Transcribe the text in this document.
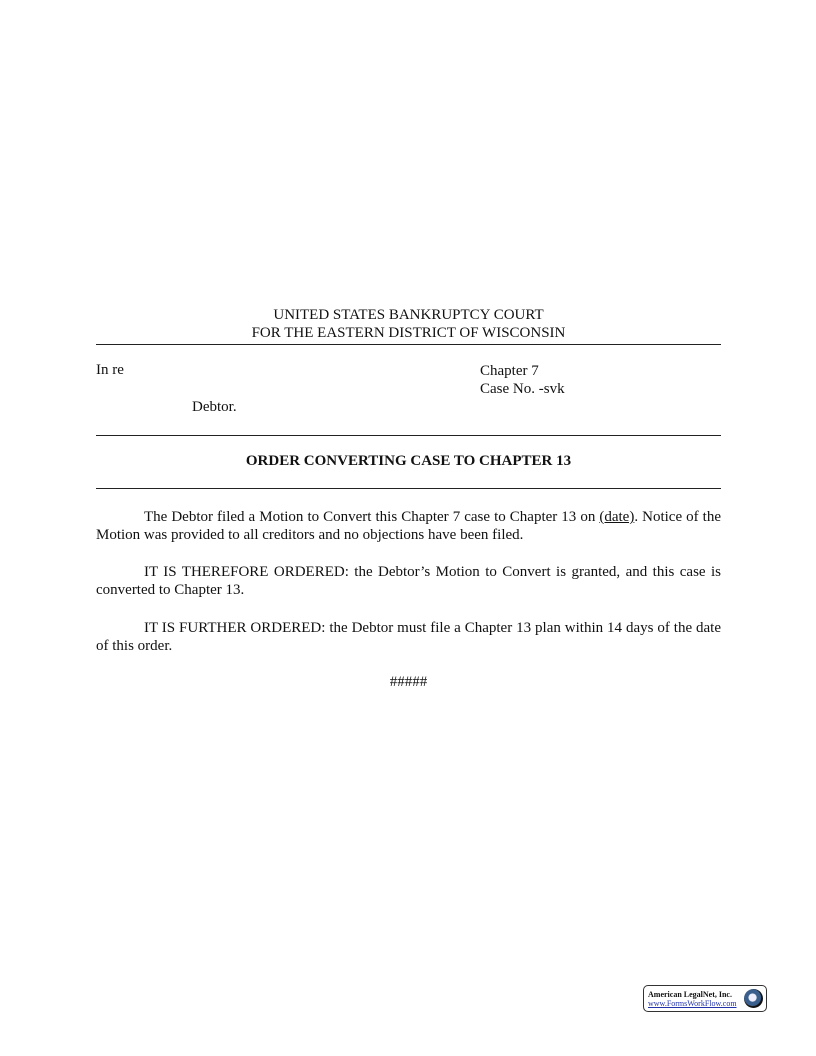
UNITED STATES BANKRUPTCY COURT
FOR THE EASTERN DISTRICT OF WISCONSIN
In re
Debtor.
Chapter 7
Case No. -svk
ORDER CONVERTING CASE TO CHAPTER 13
The Debtor filed a Motion to Convert this Chapter 7 case to Chapter 13 on (date). Notice of the Motion was provided to all creditors and no objections have been filed.
IT IS THEREFORE ORDERED: the Debtor’s Motion to Convert is granted, and this case is converted to Chapter 13.
IT IS FURTHER ORDERED: the Debtor must file a Chapter 13 plan within 14 days of the date of this order.
#####
American LegalNet, Inc.
www.FormsWorkFlow.com
